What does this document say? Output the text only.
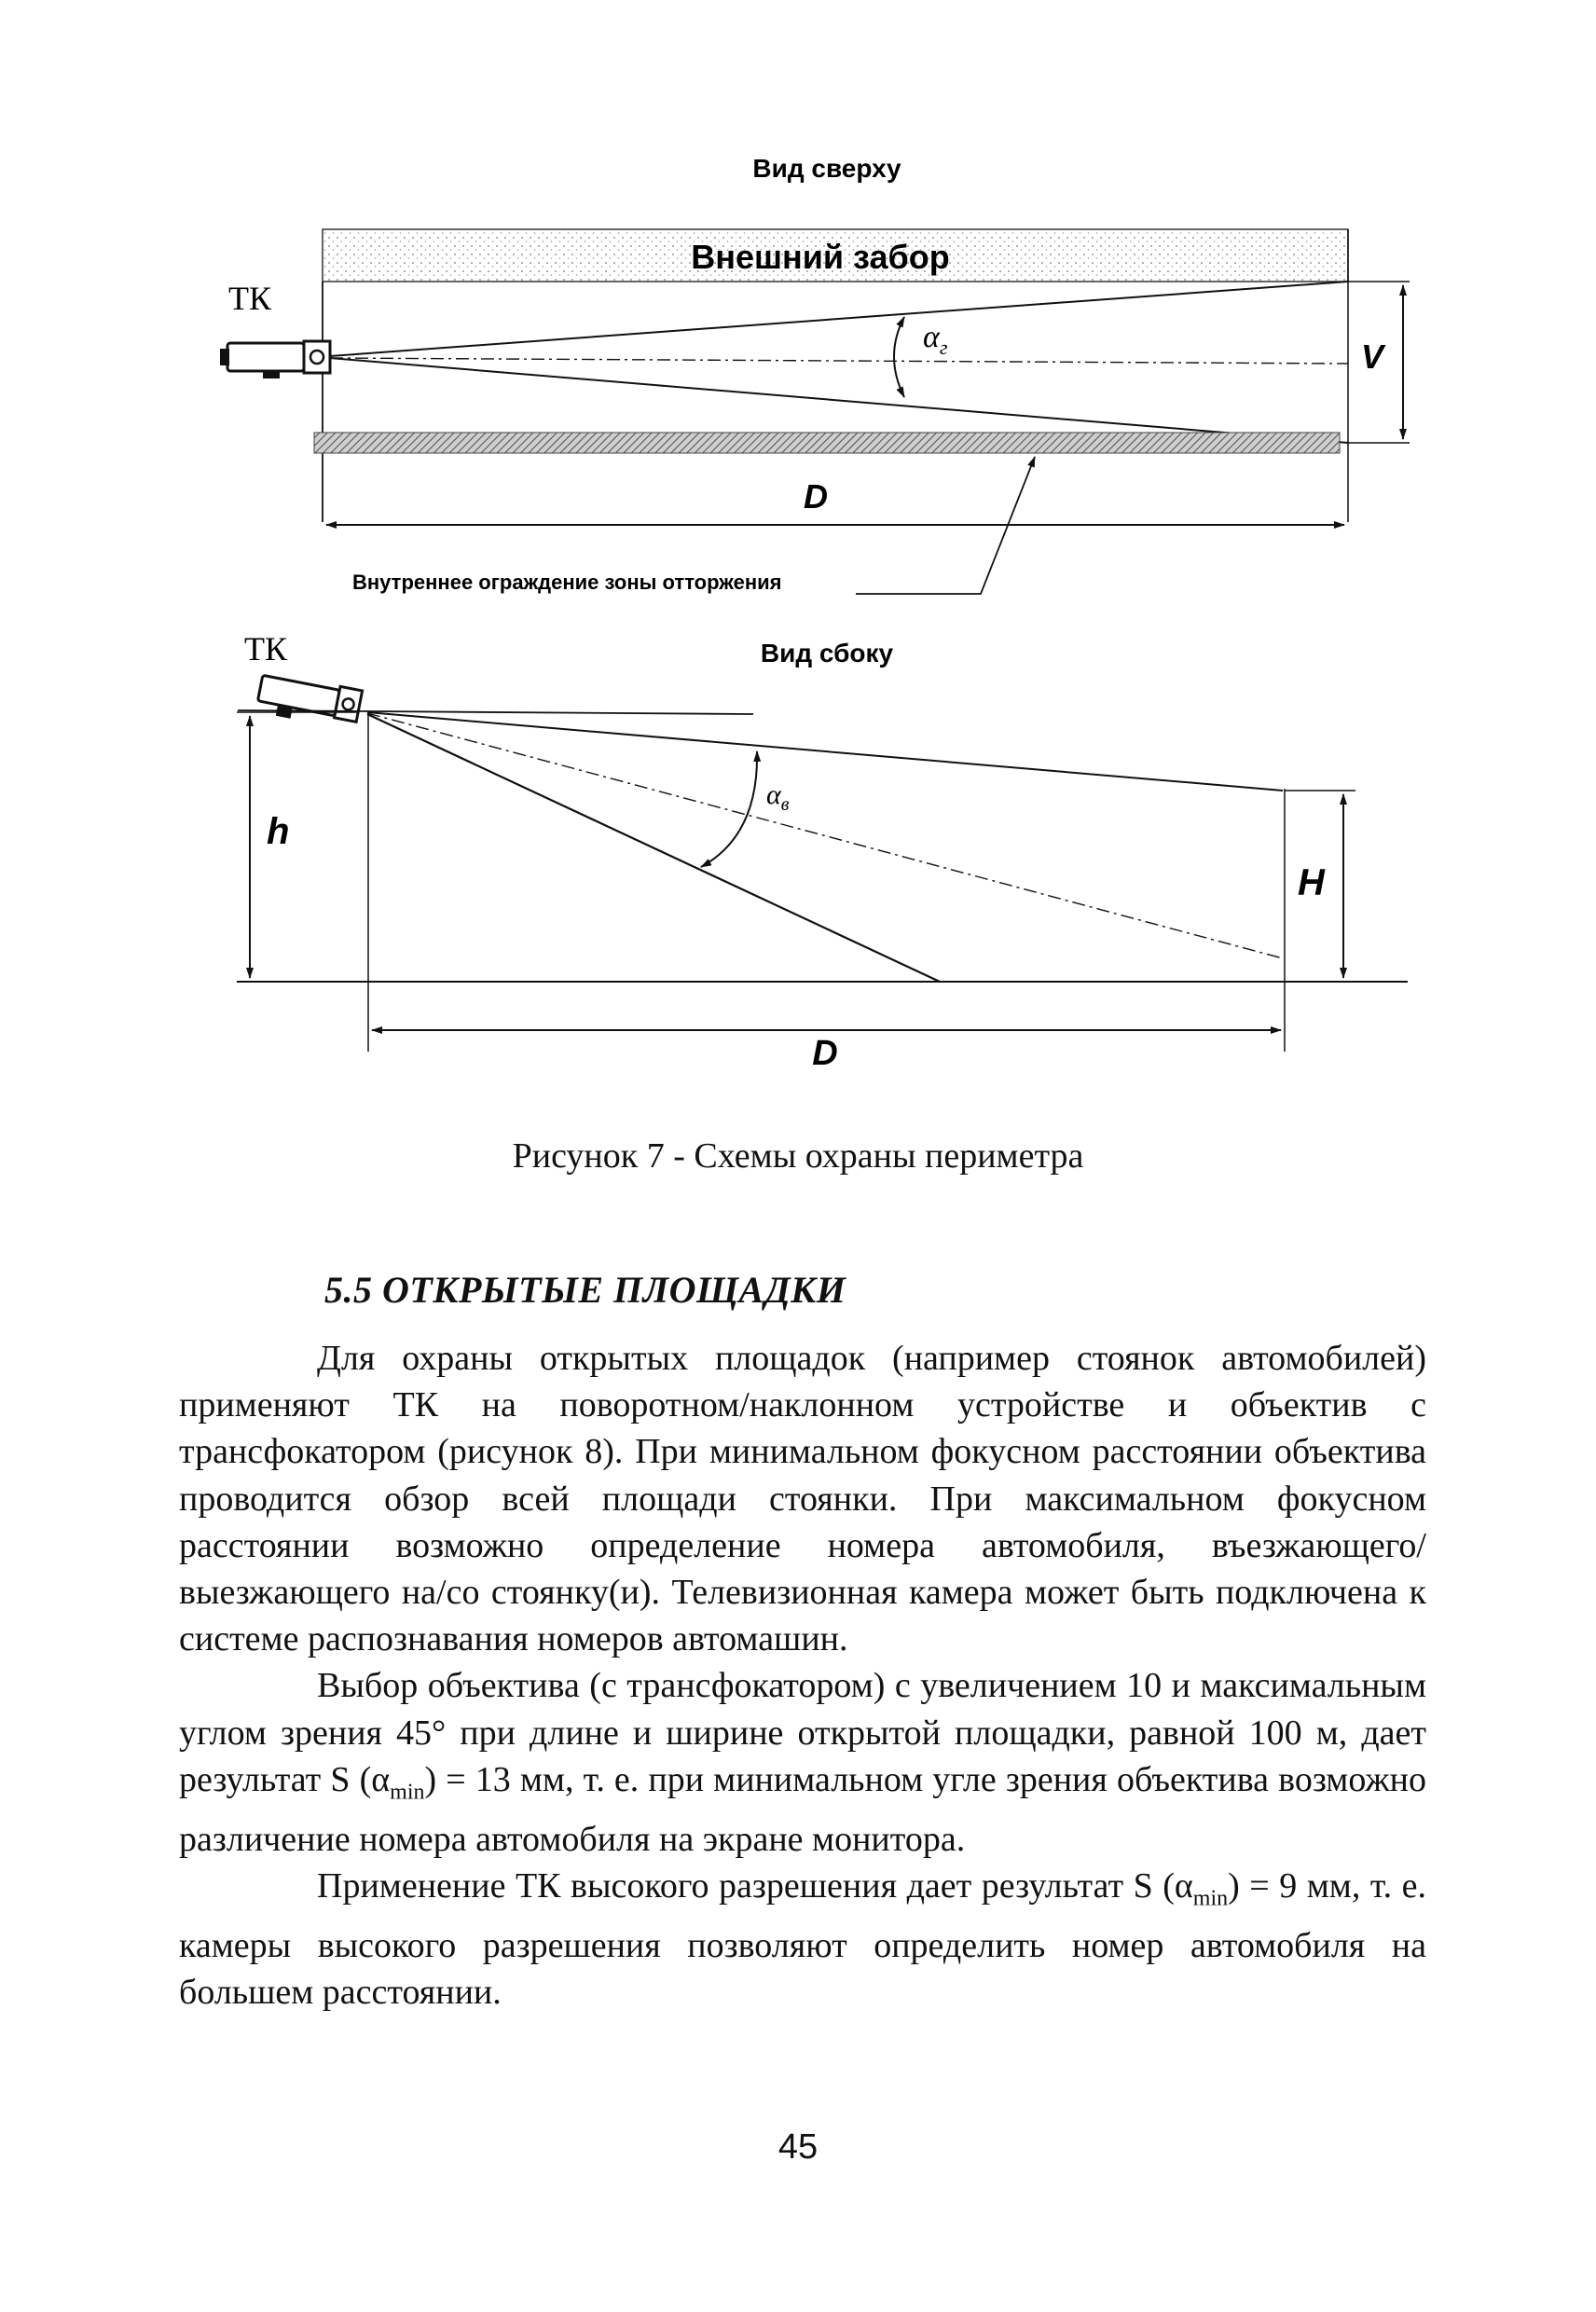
Вид сверху
ТК
Внешний забор
$\alpha_г$	V
D
Внутреннее ограждение зоны отторжения
ТК	Вид сбоку
$\alpha_в$
h
H
D
Рисунок 7 - Схемы охраны периметра
5.5 ОТКРЫТЫЕ ПЛОЩАДКИ

Для охраны открытых площадок (например стоянок автомобилей) применяют ТК на поворотном/наклонном устройстве и объектив с трансфокатором (рисунок 8). При минимальном фокусном расстоянии объектива проводится обзор всей площади стоянки. При максимальном фокусном расстоянии возможно определение номера автомобиля, въезжающего/выезжающего на/со стоянку(и). Телевизионная камера может быть подключена к системе распознавания номеров автомашин.

Выбор объектива (с трансфокатором) с увеличением 10 и максимальным углом зрения 45° при длине и ширине открытой площадки, равной 100 м, дает результат S $(\alpha_{min}) = 13$ мм, т. е. при минимальном угле зрения объектива возможно различение номера автомобиля на экране монитора.

Применение ТК высокого разрешения дает результат S $(\alpha_{min}) = 9$ мм, т. е. камеры высокого разрешения позволяют определить номер автомобиля на большем расстоянии.

45
